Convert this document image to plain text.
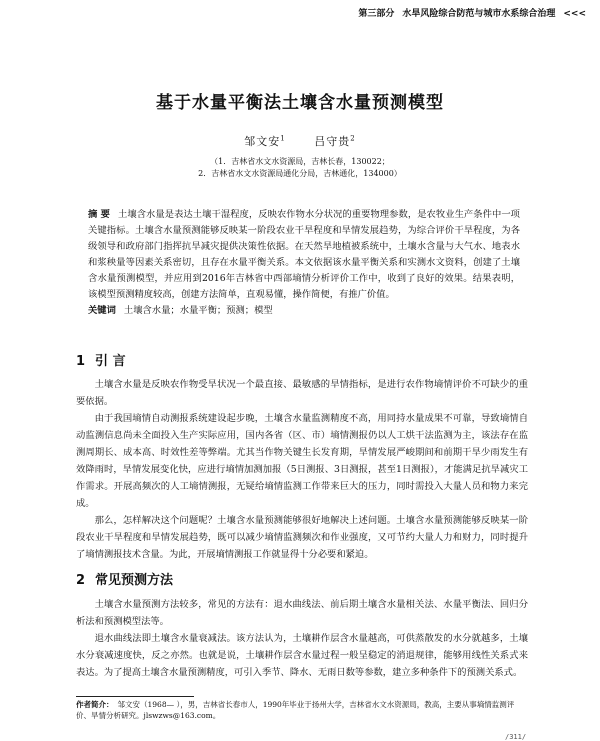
第三部分 水旱风险综合防范与城市水系综合治理 <<<
基于水量平衡法土壤含水量预测模型
邹文安$^1$	吕守贵$^2$
（1．吉林省水文水资源局，吉林长春，130022；
2．吉林省水文水资源局通化分局，吉林通化，134000）
摘 要 土壤含水量是表达土壤干湿程度，反映农作物水分状况的重要物理参数，是农牧业生产条件中一项关键指标。土壤含水量预测能够反映某一阶段农业干旱程度和旱情发展趋势，为综合评价干旱程度，为各级领导和政府部门指挥抗旱减灾提供决策性依据。在天然旱地植被系统中，土壤水含量与大气水、地表水和浆秧量等因素关系密切，且存在水量平衡关系。本文依据该水量平衡关系和实测水文资料，创建了土壤含水量预测模型，并应用到2016年吉林省中西部墒情分析评价工作中，收到了良好的效果。结果表明，该模型预测精度较高，创建方法简单，直观易懂，操作简便，有推广价值。
关键词 土壤含水量；水量平衡；预测；模型
1 引 言

土壤含水量是反映农作物受旱状况一个最直接、最敏感的旱情指标，是进行农作物墒情评价不可缺少的重要依据。

由于我国墒情自动测报系统建设起步晚，土壤含水量监测精度不高，用同持水量成果不可靠，导致墒情自动监测信息尚未全面投入生产实际应用，国内各省（区、市）墒情测报仍以人工烘干法监测为主，该法存在监测周期长、成本高、时效性差等弊端。尤其当作物关键生长发育期，旱情发展严峻期间和前期干旱少雨发生有效降雨时，旱情发展变化快，应进行墒情加测加报（5日测报、3日测报，甚至1日测报），才能满足抗旱减灾工作需求。开展高频次的人工墒情测报，无疑给墒情监测工作带来巨大的压力，同时需投入大量人员和物力来完成。

那么，怎样解决这个问题呢？土壤含水量预测能够很好地解决上述问题。土壤含水量预测能够反映某一阶段农业干旱程度和旱情发展趋势，既可以减少墒情监测频次和作业强度，又可节约大量人力和财力，同时提升了墒情测报技术含量。为此，开展墒情测报工作就显得十分必要和紧迫。

2 常见预测方法

土壤含水量预测方法较多，常见的方法有：退水曲线法、前后期土壤含水量相关法、水量平衡法、回归分析法和预测模型法等。

退水曲线法即土壤含水量衰减法。该方法认为，土壤耕作层含水量越高，可供蒸散发的水分就越多，土壤水分衰减速度快，反之亦然。也就是说，土壤耕作层含水量过程一般呈稳定的消退规律，能够用线性关系式来表达。为了提高土壤含水量预测精度，可引入季节、降水、无雨日数等参数，建立多种条件下的预测关系式。

作者简介： 邹文安（1968— ），男，吉林省长春市人，1990年毕业于扬州大学，吉林省水文水资源局，教高，主要从事墒情监测评价、旱情分析研究。jlswzws@163.com。
/311/
